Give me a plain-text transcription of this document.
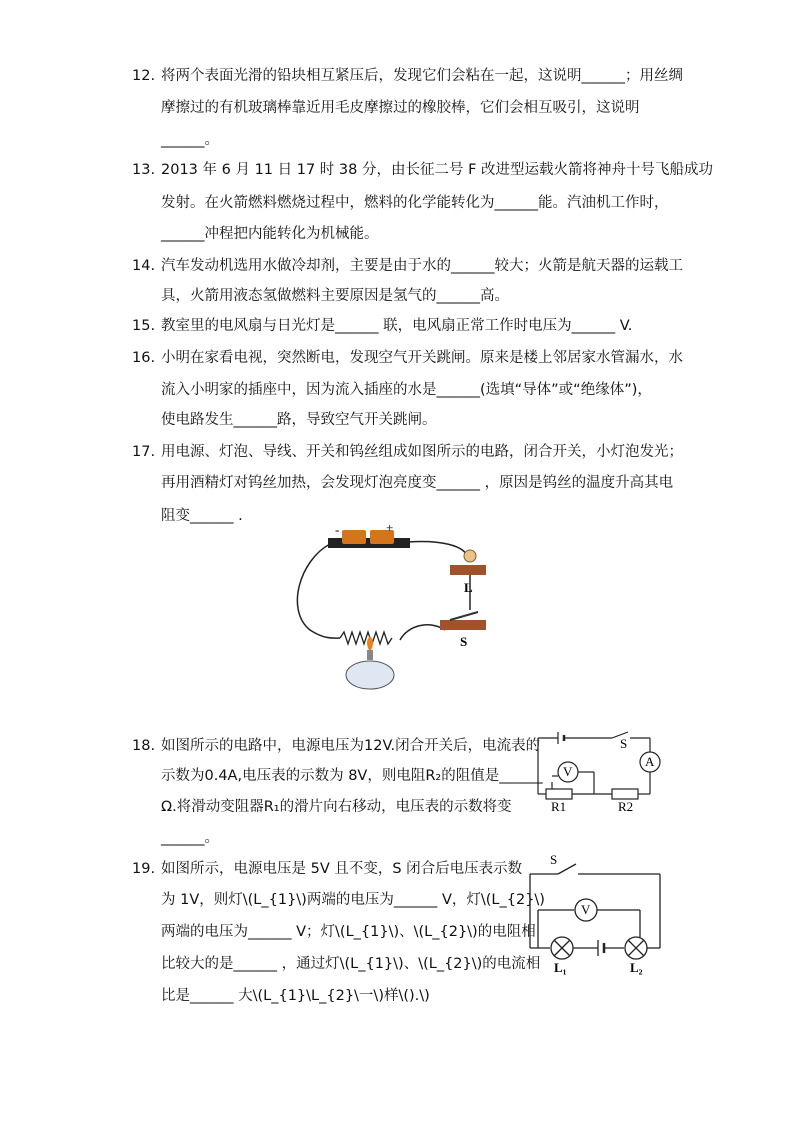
12. 将两个表面光滑的铅块相互紧压后，发现它们会粘在一起，这说明______；用丝绸
摩擦过的有机玻璃棒靠近用毛皮摩擦过的橡胶棒，它们会相互吸引，这说明
______。
13. 2013 年 6 月 11 日 17 时 38 分，由长征二号 F 改进型运载火箭将神舟十号飞船成功
发射。在火箭燃料燃烧过程中，燃料的化学能转化为______能。汽油机工作时，
______冲程把内能转化为机械能。
14. 汽车发动机选用水做冷却剂，主要是由于水的______较大；火箭是航天器的运载工
具，火箭用液态氢做燃料主要原因是氢气的______高。
15. 教室里的电风扇与日光灯是______ 联，电风扇正常工作时电压为______ V.
16. 小明在家看电视，突然断电，发现空气开关跳闸。原来是楼上邻居家水管漏水，水
流入小明家的插座中，因为流入插座的水是______(选填“导体”或“绝缘体”)，
使电路发生______路，导致空气开关跳闸。
17. 用电源、灯泡、导线、开关和钨丝组成如图所示的电路，闭合开关，小灯泡发光；
再用酒精灯对钨丝加热，会发现灯泡亮度变______ ，原因是钨丝的温度升高其电
阻变______ .
-	+
L
S
18. 如图所示的电路中，电源电压为12V.闭合开关后，电流表的
示数为0.4A,电压表的示数为 8V，则电阻R₂的阻值是______
Ω.将滑动变阻器R₁的滑片向右移动，电压表的示数将变
______。
S
V
A
R1	R2
19. 如图所示，电源电压是 5V 且不变，S 闭合后电压表示数
为 1V，则灯\(L_{1}\)两端的电压为______ V，灯\(L_{2}\)
两端的电压为______ V；灯\(L_{1}\)、\(L_{2}\)的电阻相
比较大的是______ ，通过灯\(L_{1}\)、\(L_{2}\)的电流相
比是______ 大\(L_{1}\L_{2}\一\)样\().\)
S
V
L₁	L₂
